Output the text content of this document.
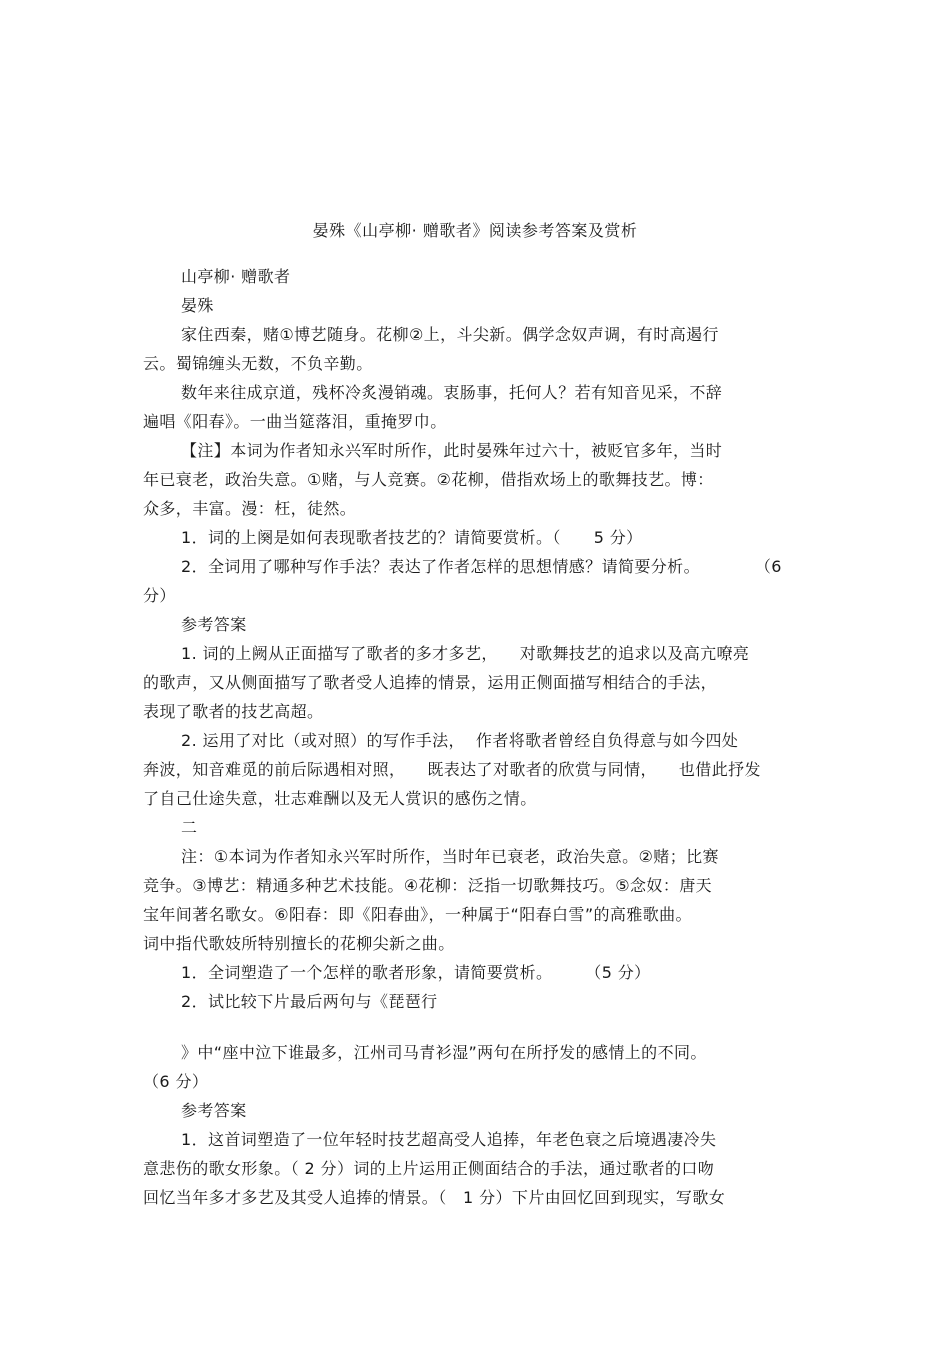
晏殊《山亭柳· 赠歌者》阅读参考答案及赏析
山亭柳· 赠歌者
晏殊
家住西秦，赌①博艺随身。花柳②上，斗尖新。偶学念奴声调，有时高遏行
云。蜀锦缠头无数，不负辛勤。
数年来往成京道，残杯冷炙漫销魂。衷肠事，托何人？若有知音见采，不辞
遍唱《阳春》。一曲当筵落泪，重掩罗巾。
【注】本词为作者知永兴军时所作，此时晏殊年过六十，被贬官多年，当时
年已衰老，政治失意。①赌，与人竞赛。②花柳，借指欢场上的歌舞技艺。博：
众多，丰富。漫：枉，徒然。
1．词的上阕是如何表现歌者技艺的？请简要赏析。（      5 分）
2．全词用了哪种写作手法？表达了作者怎样的思想情感？请简要分析。          （6
分）
参考答案
1. 词的上阙从正面描写了歌者的多才多艺，    对歌舞技艺的追求以及高亢嘹亮
的歌声，又从侧面描写了歌者受人追捧的情景，运用正侧面描写相结合的手法，
表现了歌者的技艺高超。
2. 运用了对比（或对照）的写作手法，  作者将歌者曾经自负得意与如今四处
奔波，知音难觅的前后际遇相对照，    既表达了对歌者的欣赏与同情，    也借此抒发
了自己仕途失意，壮志难酬以及无人赏识的感伤之情。
二
注：①本词为作者知永兴军时所作，当时年已衰老，政治失意。②赌；比赛
竞争。③博艺：精通多种艺术技能。④花柳：泛指一切歌舞技巧。⑤念奴：唐天
宝年间著名歌女。⑥阳春：即《阳春曲》，一种属于“阳春白雪”的高雅歌曲。
词中指代歌妓所特别擅长的花柳尖新之曲。
1．全词塑造了一个怎样的歌者形象，请简要赏析。      （5 分）
2．试比较下片最后两句与《琵琶行
》中“座中泣下谁最多，江州司马青衫湿”两句在所抒发的感情上的不同。
（6 分）
参考答案
1．这首词塑造了一位年轻时技艺超高受人追捧，年老色衰之后境遇凄冷失
意悲伤的歌女形象。（ 2 分）词的上片运用正侧面结合的手法，通过歌者的口吻
回忆当年多才多艺及其受人追捧的情景。（   1 分）下片由回忆回到现实，写歌女
